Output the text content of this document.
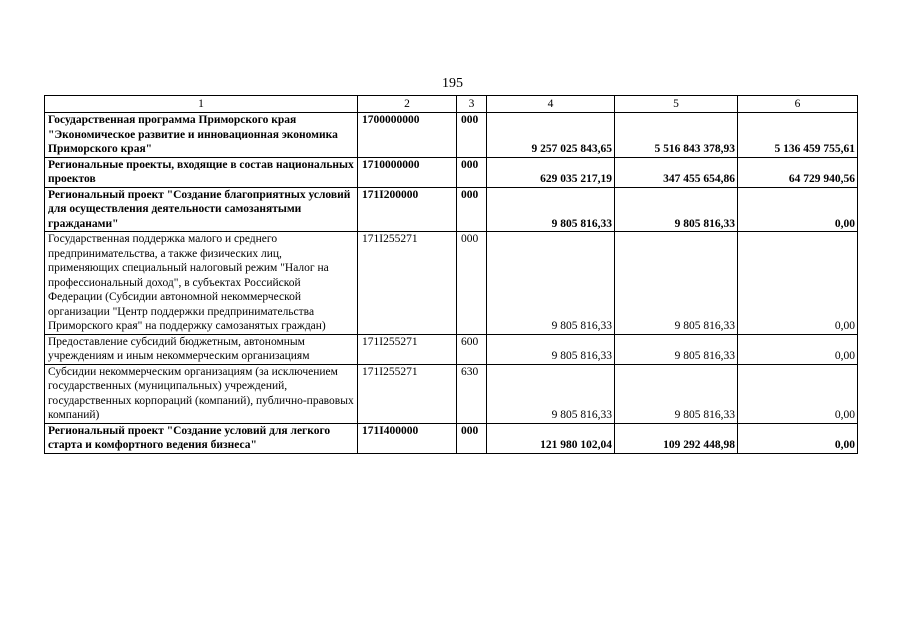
195
1	2	3	4	5	6
Государственная программа Приморского края "Экономическое развитие и инновационная экономика Приморского края"	1700000000	000	9 257 025 843,65	5 516 843 378,93	5 136 459 755,61
Региональные проекты, входящие в состав национальных проектов	1710000000	000	629 035 217,19	347 455 654,86	64 729 940,56
Региональный проект "Создание благоприятных условий для осуществления деятельности самозанятыми гражданами"	171I200000	000	9 805 816,33	9 805 816,33	0,00
Государственная поддержка малого и среднего предпринимательства, а также физических лиц, применяющих специальный налоговый режим "Налог на профессиональный доход", в субъектах Российской Федерации (Субсидии автономной некоммерческой организации "Центр поддержки предпринимательства Приморского края" на поддержку самозанятых граждан)	171I255271	000	9 805 816,33	9 805 816,33	0,00
Предоставление субсидий бюджетным, автономным учреждениям и иным некоммерческим организациям	171I255271	600	9 805 816,33	9 805 816,33	0,00
Субсидии некоммерческим организациям (за исключением государственных (муниципальных) учреждений, государственных корпораций (компаний), публично-правовых компаний)	171I255271	630	9 805 816,33	9 805 816,33	0,00
Региональный проект "Создание условий для легкого старта и комфортного ведения бизнеса"	171I400000	000	121 980 102,04	109 292 448,98	0,00
